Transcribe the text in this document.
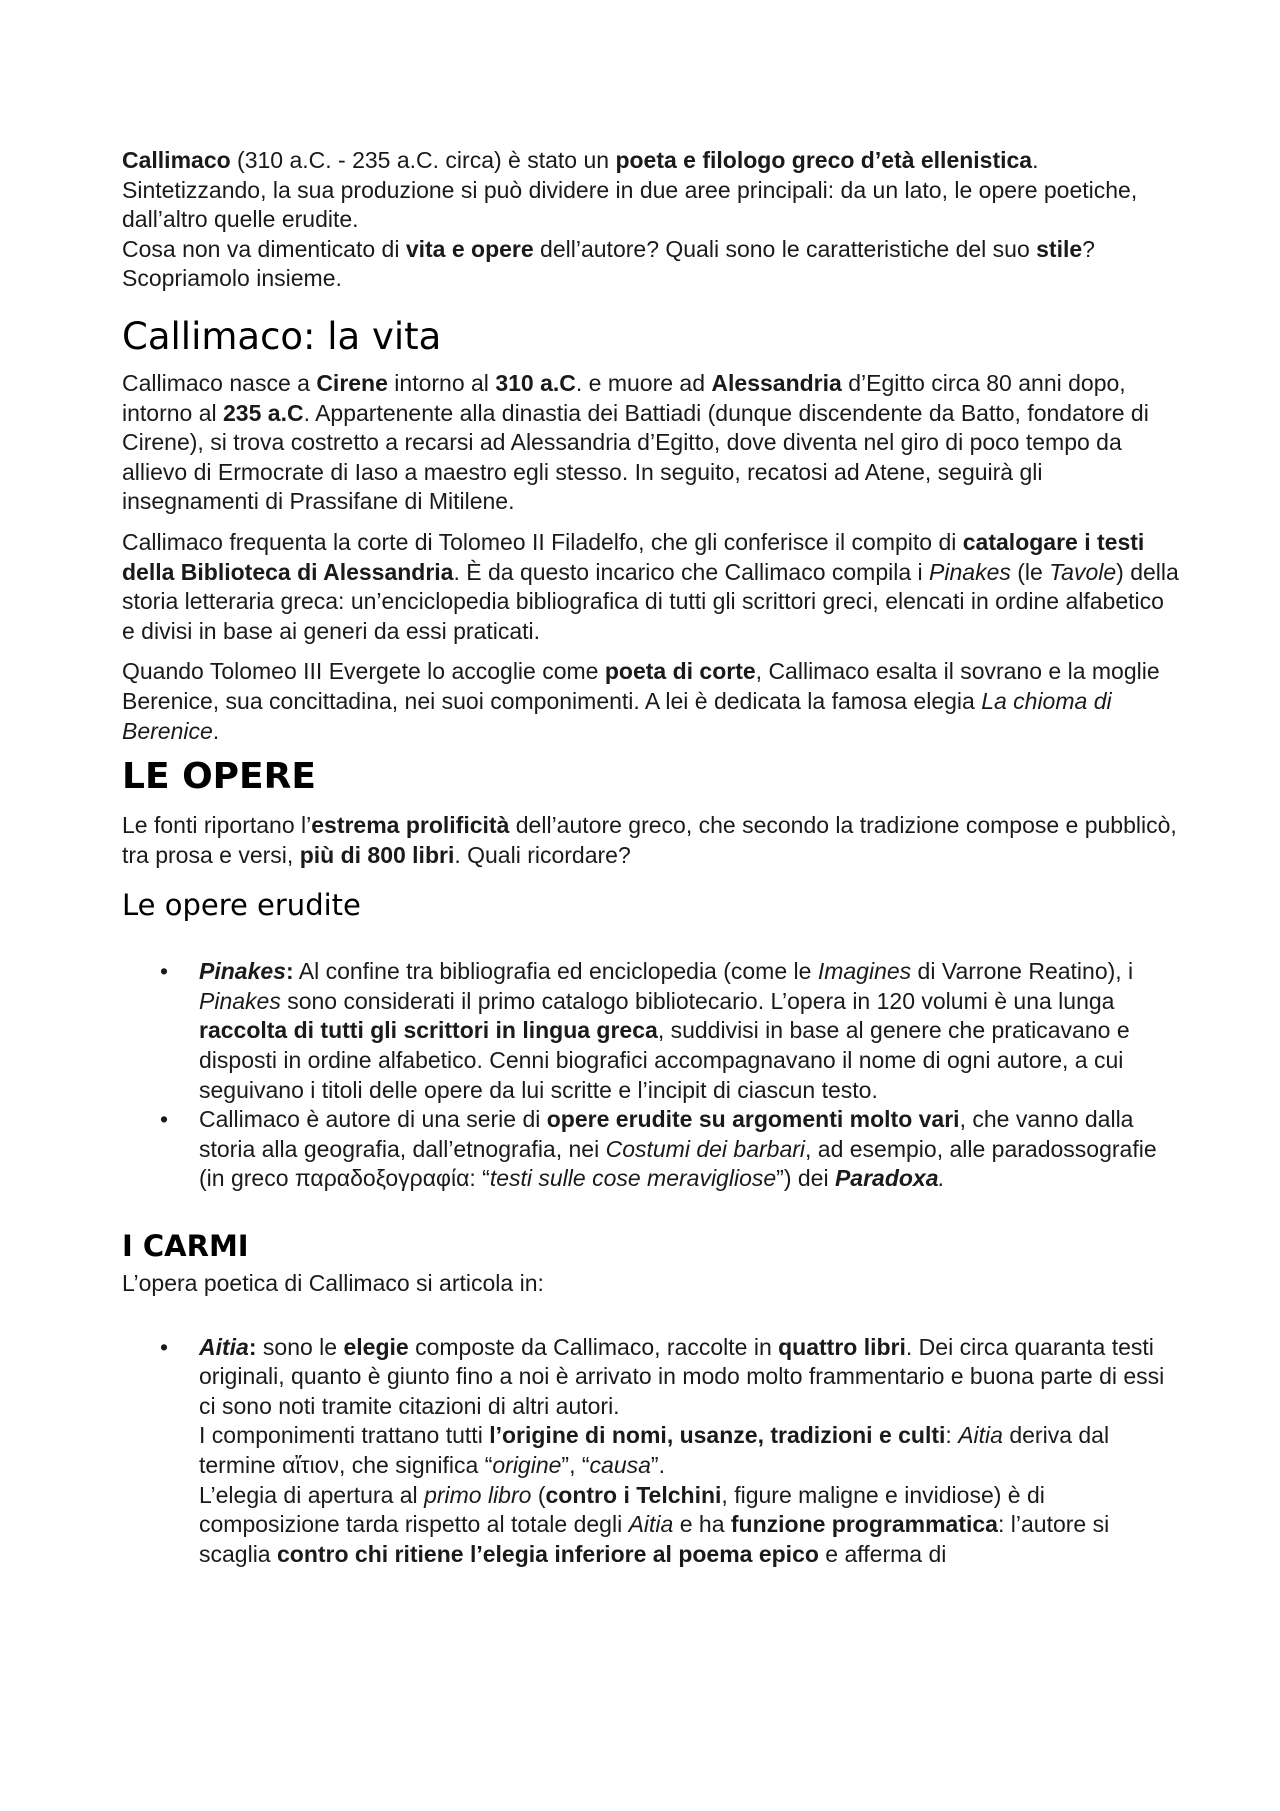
Callimaco (310 a.C. - 235 a.C. circa) è stato un poeta e filologo greco d’età ellenistica. Sintetizzando, la sua produzione si può dividere in due aree principali: da un lato, le opere poetiche, dall’altro quelle erudite.

Cosa non va dimenticato di vita e opere dell’autore? Quali sono le caratteristiche del suo stile?

Scopriamolo insieme.

Callimaco: la vita

Callimaco nasce a Cirene intorno al 310 a.C. e muore ad Alessandria d’Egitto circa 80 anni dopo, intorno al 235 a.C. Appartenente alla dinastia dei Battiadi (dunque discendente da Batto, fondatore di Cirene), si trova costretto a recarsi ad Alessandria d’Egitto, dove diventa nel giro di poco tempo da allievo di Ermocrate di Iaso a maestro egli stesso. In seguito, recatosi ad Atene, seguirà gli insegnamenti di Prassifane di Mitilene.

Callimaco frequenta la corte di Tolomeo II Filadelfo, che gli conferisce il compito di catalogare i testi della Biblioteca di Alessandria. È da questo incarico che Callimaco compila i Pinakes (le Tavole) della storia letteraria greca: un’enciclopedia bibliografica di tutti gli scrittori greci, elencati in ordine alfabetico e divisi in base ai generi da essi praticati.

Quando Tolomeo III Evergete lo accoglie come poeta di corte, Callimaco esalta il sovrano e la moglie Berenice, sua concittadina, nei suoi componimenti. A lei è dedicata la famosa elegia La chioma di Berenice.

LE OPERE

Le fonti riportano l’estrema prolificità dell’autore greco, che secondo la tradizione compose e pubblicò, tra prosa e versi, più di 800 libri. Quali ricordare?

Le opere erudite
• Pinakes: Al confine tra bibliografia ed enciclopedia (come le Imagines di Varrone Reatino), i Pinakes sono considerati il primo catalogo bibliotecario. L’opera in 120 volumi è una lunga raccolta di tutti gli scrittori in lingua greca, suddivisi in base al genere che praticavano e disposti in ordine alfabetico. Cenni biografici accompagnavano il nome di ogni autore, a cui seguivano i titoli delle opere da lui scritte e l’incipit di ciascun testo.
• Callimaco è autore di una serie di opere erudite su argomenti molto vari, che vanno dalla storia alla geografia, dall’etnografia, nei Costumi dei barbari, ad esempio, alle paradossografie (in greco παραδοξογραφία: “testi sulle cose meravigliose”) dei Paradoxa.
I CARMI

L’opera poetica di Callimaco si articola in:

• Aitia: sono le elegie composte da Callimaco, raccolte in quattro libri. Dei circa quaranta testi originali, quanto è giunto fino a noi è arrivato in modo molto frammentario e buona parte di essi ci sono noti tramite citazioni di altri autori.
I componimenti trattano tutti l’origine di nomi, usanze, tradizioni e culti: Aitia deriva dal termine αἴτιον, che significa “origine”, “causa”.
L’elegia di apertura al primo libro (contro i Telchini, figure maligne e invidiose) è di composizione tarda rispetto al totale degli Aitia e ha funzione programmatica: l’autore si scaglia contro chi ritiene l’elegia inferiore al poema epico e afferma di
